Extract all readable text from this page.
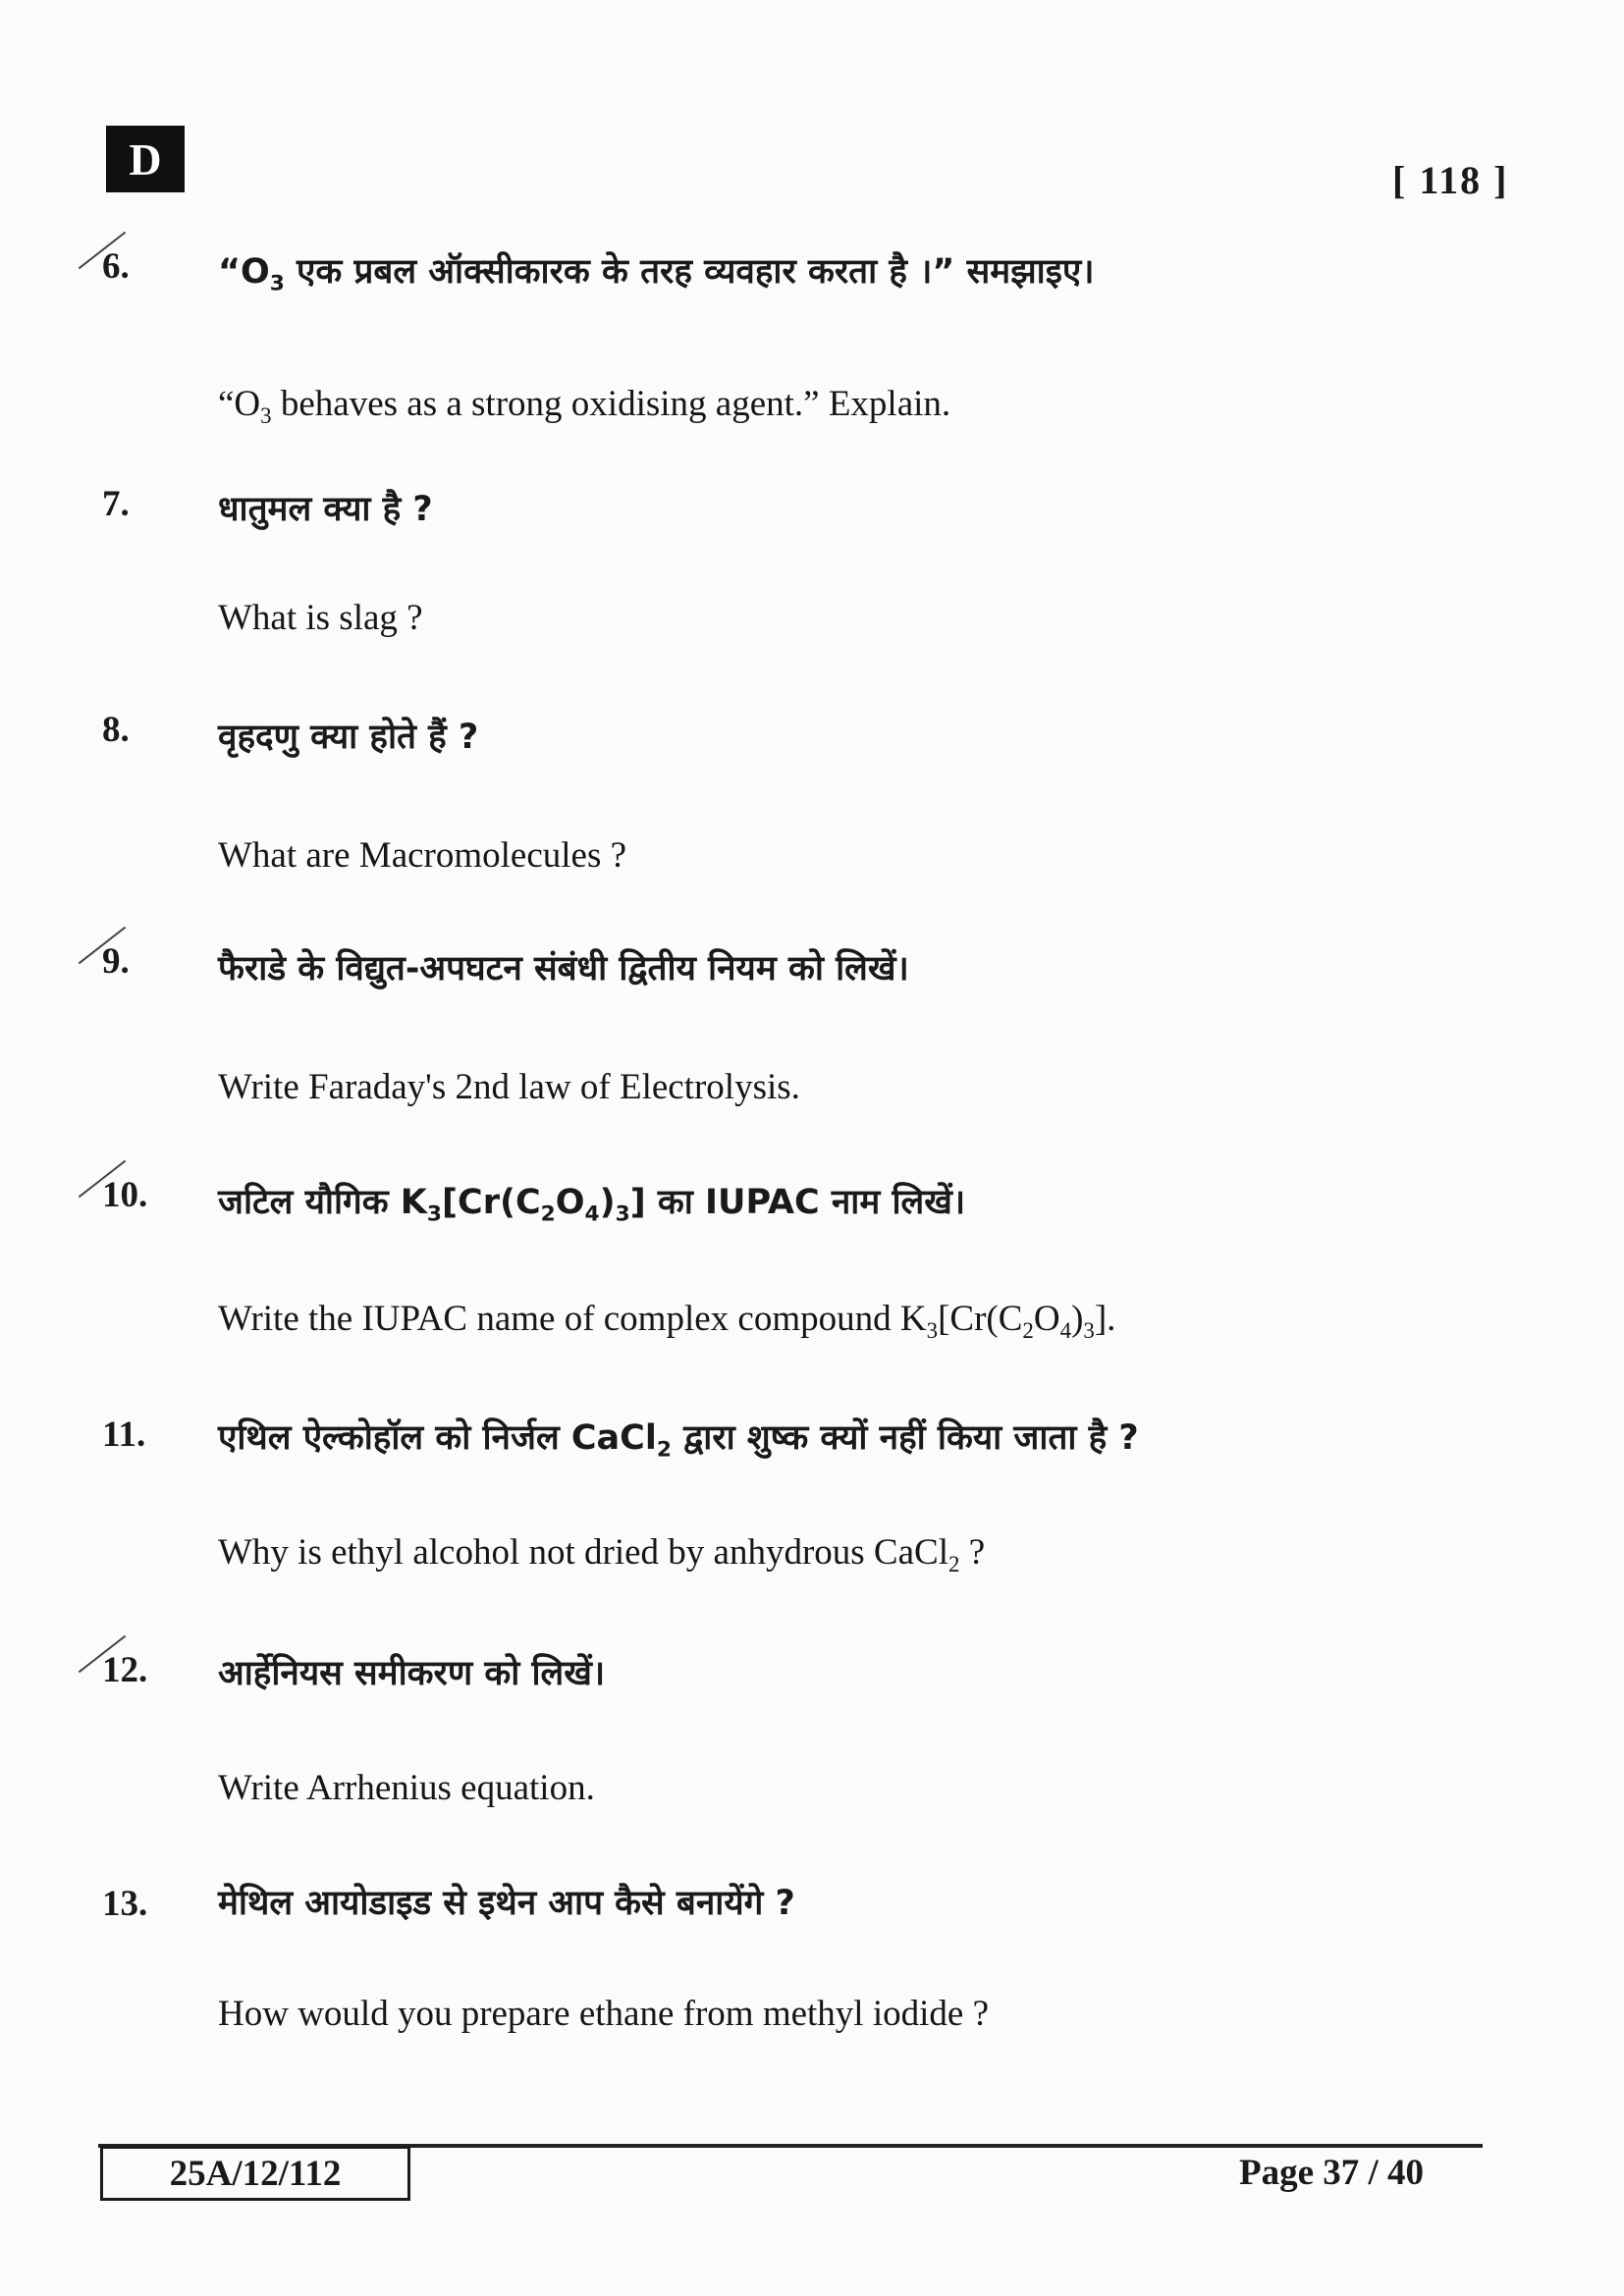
D	[ 118 ]
6.	“$O_3$ एक प्रबल ऑक्सीकारक के तरह व्यवहार करता है ।” समझाइए।
“$O_3$ behaves as a strong oxidising agent.” Explain.
7.	धातुमल क्या है ?
What is slag ?
8.	वृहदणु क्या होते हैं ?
What are Macromolecules ?
9.	फैराडे के विद्युत-अपघटन संबंधी द्वितीय नियम को लिखें।
Write Faraday's 2nd law of Electrolysis.
10. जटिल यौगिक $K_3[Cr(C_2O_4)_3]$ का IUPAC नाम लिखें।
Write the IUPAC name of complex compound $K_3[Cr(C_2O_4)_3]$.
11. एथिल ऐल्कोहॉल को निर्जल CaCl$_2$ द्वारा शुष्क क्यों नहीं किया जाता है ?
Why is ethyl alcohol not dried by anhydrous CaCl$_2$ ?
12. आर्हेनियस समीकरण को लिखें।
Write Arrhenius equation.
13. मेथिल आयोडाइड से इथेन आप कैसे बनायेंगे ?
How would you prepare ethane from methyl iodide ?
25A/12/112	Page 37 / 40
